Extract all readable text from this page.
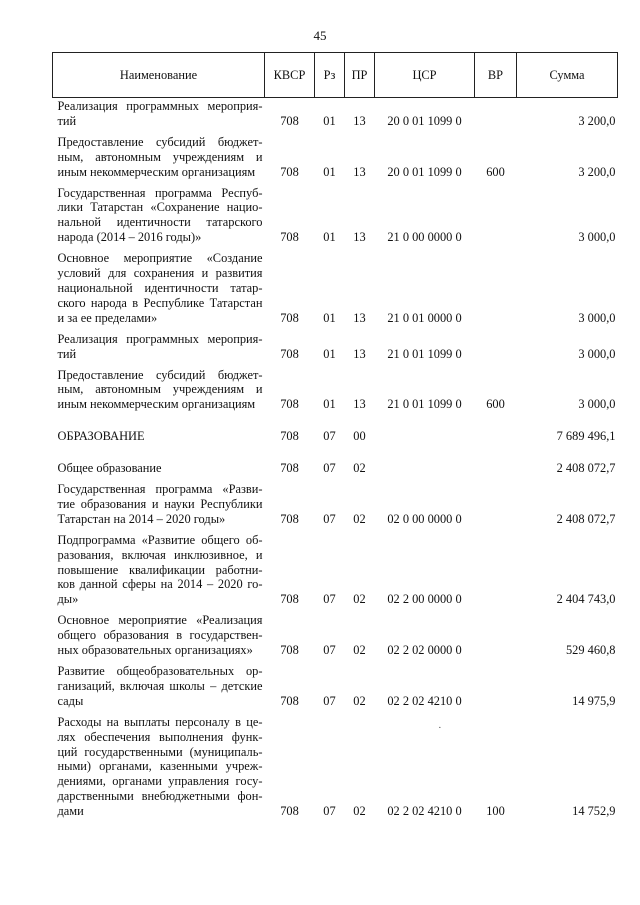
45
Наименование	КВСР	Рз	ПР	ЦСР	ВР	Сумма
Реализация программных мероприя-тий	708	01	13	20 0 01 1099 0		3 200,0
Предоставление субсидий бюджет-ным, автономным учреждениям и иным некоммерческим организациям	708	01	13	20 0 01 1099 0	600	3 200,0
Государственная программа Респуб-лики Татарстан «Сохранение нацио-нальной идентичности татарского народа (2014 – 2016 годы)»	708	01	13	21 0 00 0000 0		3 000,0
Основное мероприятие «Создание условий для сохранения и развития национальной идентичности татар-ского народа в Республике Татарстан и за ее пределами»	708	01	13	21 0 01 0000 0		3 000,0
Реализация программных мероприя-тий	708	01	13	21 0 01 1099 0		3 000,0
Предоставление субсидий бюджет-ным, автономным учреждениям и иным некоммерческим организациям	708	01	13	21 0 01 1099 0	600	3 000,0
ОБРАЗОВАНИЕ	708	07	00			7 689 496,1
Общее образование	708	07	02			2 408 072,7
Государственная программа «Разви-тие образования и науки Республики Татарстан на 2014 – 2020 годы»	708	07	02	02 0 00 0000 0		2 408 072,7
Подпрограмма «Развитие общего об-разования, включая инклюзивное, и повышение квалификации работни-ков данной сферы на 2014 – 2020 го-ды»	708	07	02	02 2 00 0000 0		2 404 743,0
Основное мероприятие «Реализация общего образования в государствен-ных образовательных организациях»	708	07	02	02 2 02 0000 0		529 460,8
Развитие общеобразовательных ор-ганизаций, включая школы – детские сады	708	07	02	02 2 02 4210 0		14 975,9
Расходы на выплаты персоналу в це-лях обеспечения выполнения функ-ций государственными (муниципаль-ными) органами, казенными учреж-дениями, органами управления госу-дарственными внебюджетными фон-дами	708	07	02	02 2 02 4210 0	100	14 752,9
·
